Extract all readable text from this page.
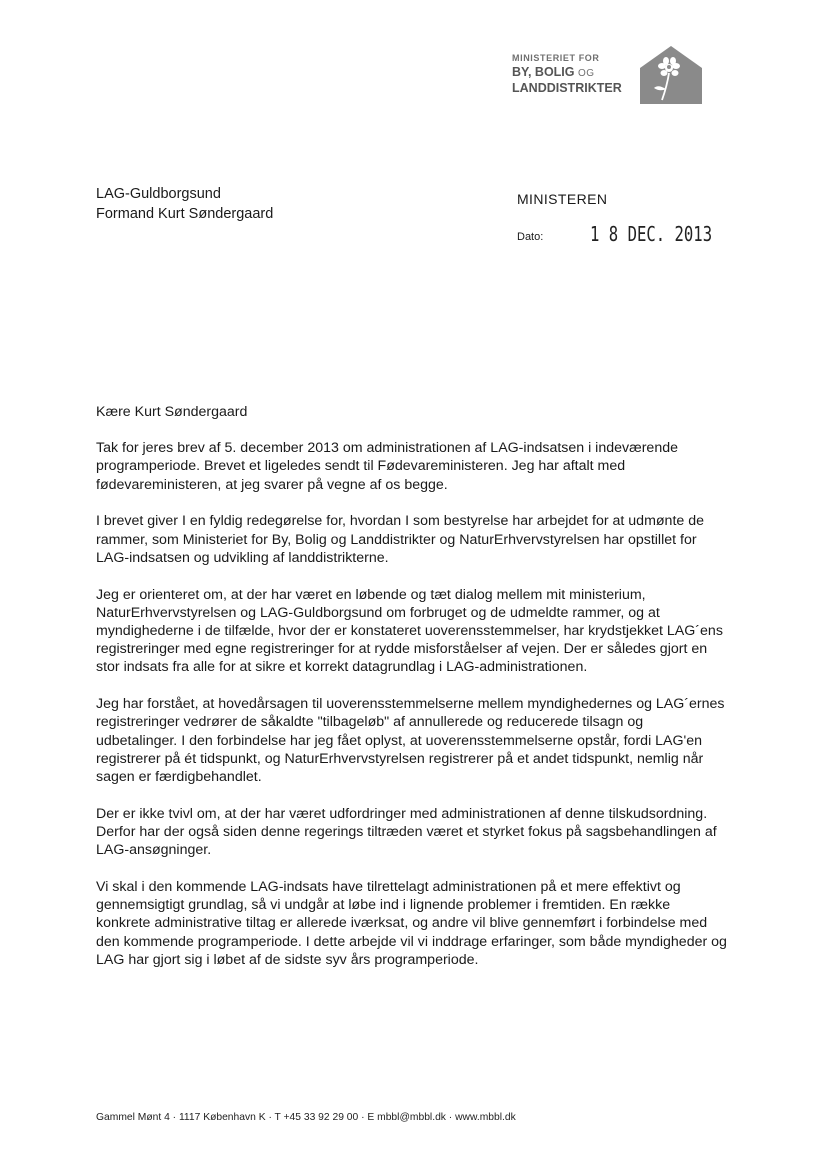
MINISTERIET FOR
BY, BOLIG OG
LANDDISTRIKTER
LAG-Guldborgsund
Formand Kurt Søndergaard
MINISTEREN
Dato: 1 8 DEC. 2013

Kære Kurt Søndergaard

Tak for jeres brev af 5. december 2013 om administrationen af LAG-indsatsen i indeværende programperiode. Brevet et ligeledes sendt til Fødevareministeren. Jeg har aftalt med fødevareministeren, at jeg svarer på vegne af os begge.

I brevet giver I en fyldig redegørelse for, hvordan I som bestyrelse har arbejdet for at udmønte de rammer, som Ministeriet for By, Bolig og Landdistrikter og NaturErhvervstyrelsen har opstillet for LAG-indsatsen og udvikling af landdistrikterne.

Jeg er orienteret om, at der har været en løbende og tæt dialog mellem mit ministerium, NaturErhvervstyrelsen og LAG-Guldborgsund om forbruget og de udmeldte rammer, og at myndighederne i de tilfælde, hvor der er konstateret uoverensstemmelser, har krydstjekket LAG´ens registreringer med egne registreringer for at rydde misforståelser af vejen. Der er således gjort en stor indsats fra alle for at sikre et korrekt datagrundlag i LAG-administrationen.

Jeg har forstået, at hovedårsagen til uoverensstemmelserne mellem myndighedernes og LAG´ernes registreringer vedrører de såkaldte "tilbageløb" af annullerede og reducerede tilsagn og udbetalinger. I den forbindelse har jeg fået oplyst, at uoverensstemmelserne opstår, fordi LAG'en registrerer på ét tidspunkt, og NaturErhvervstyrelsen registrerer på et andet tidspunkt, nemlig når sagen er færdigbehandlet.

Der er ikke tvivl om, at der har været udfordringer med administrationen af denne tilskudsordning. Derfor har der også siden denne regerings tiltræden været et styrket fokus på sagsbehandlingen af LAG-ansøgninger.

Vi skal i den kommende LAG-indsats have tilrettelagt administrationen på et mere effektivt og gennemsigtigt grundlag, så vi undgår at løbe ind i lignende problemer i fremtiden. En række konkrete administrative tiltag er allerede iværksat, og andre vil blive gennemført i forbindelse med den kommende programperiode. I dette arbejde vil vi inddrage erfaringer, som både myndigheder og LAG har gjort sig i løbet af de sidste syv års programperiode.

Gammel Mønt 4 · 1117 København K · T +45 33 92 29 00 · E mbbl@mbbl.dk · www.mbbl.dk
